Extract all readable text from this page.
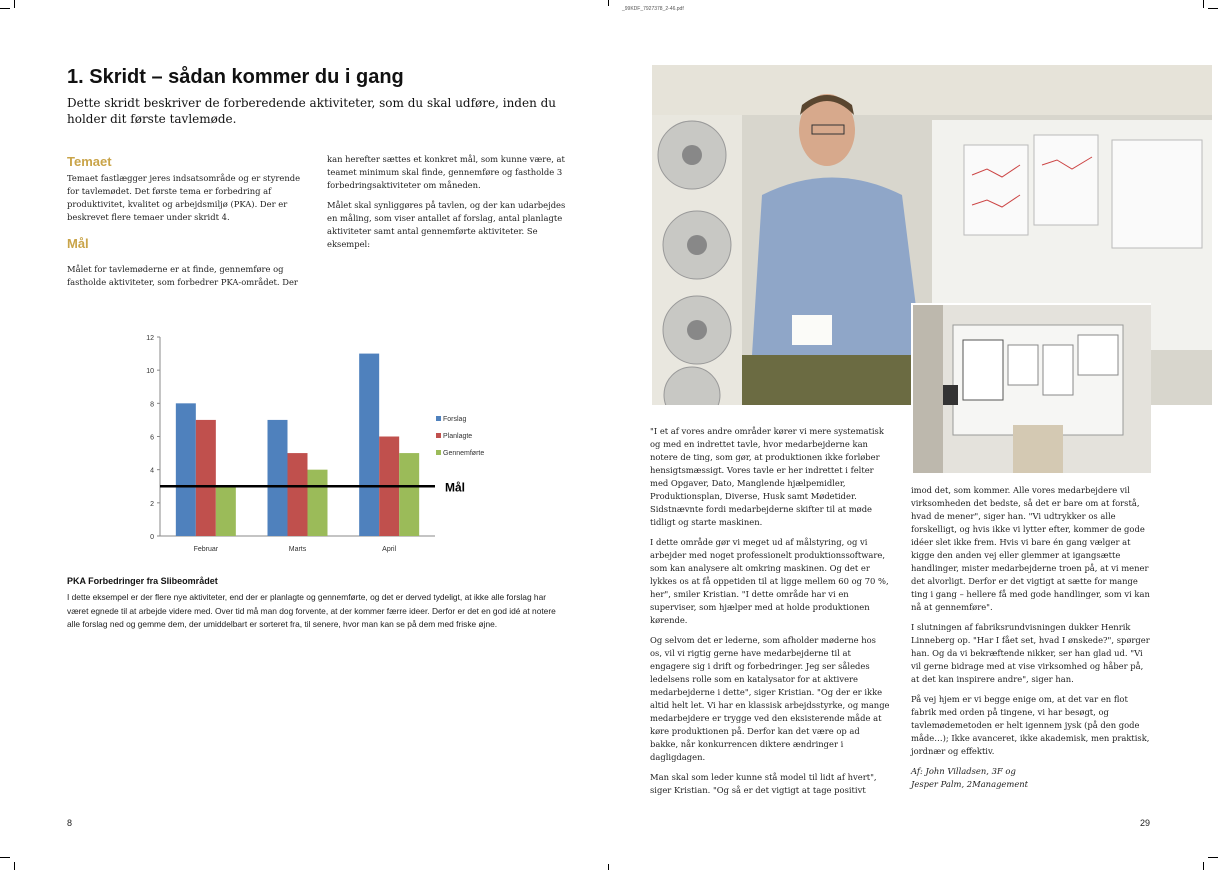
_99KDF_7927378_2-46.pdf
1. Skridt – sådan kommer du i gang
Dette skridt beskriver de forberedende aktiviteter, som du skal udføre, inden du holder dit første tavlemøde.
Temaet
Temaet fastlægger jeres indsatsområde og er styrende for tavlemødet. Det første tema er forbedring af produktivitet, kvalitet og arbejdsmiljø (PKA). Der er beskrevet flere temaer under skridt 4.
Mål
Målet for tavlemøderne er at finde, gennemføre og fastholde aktiviteter, som forbedrer PKA-området. Der

kan herefter sættes et konkret mål, som kunne være, at teamet minimum skal finde, gennemføre og fastholde 3 forbedringsaktiviteter om måneden.

Målet skal synliggøres på tavlen, og der kan udarbejdes en måling, som viser antallet af forslag, antal planlagte aktiviteter samt antal gennemførte aktiviteter. Se eksempel:

0
2
4
6
8
10
12
Februar	Marts	April
Mål
Forslag
Planlagte
Gennemførte
PKA Forbedringer fra Slibeområdet
I dette eksempel er der flere nye aktiviteter, end der er planlagte og gennemførte, og det er derved tydeligt, at ikke alle forslag har været egnede til at arbejde videre med. Over tid må man dog forvente, at der kommer færre ideer. Derfor er det en god idé at notere alle forslag ned og gemme dem, der umiddelbart er sorteret fra, til senere, hvor man kan se på dem med friske øjne.
8

"I et af vores andre områder kører vi mere systematisk og med en indrettet tavle, hvor medarbejderne kan notere de ting, som gør, at produktionen ikke forløber hensigtsmæssigt. Vores tavle er her indrettet i felter med Opgaver, Dato, Manglende hjælpemidler, Produktionsplan, Diverse, Husk samt Mødetider. Sidstnævnte fordi medarbejderne skifter til at møde tidligt og starte maskinen.

I dette område gør vi meget ud af målstyring, og vi arbejder med noget professionelt produktionssoftware, som kan analysere alt omkring maskinen. Og det er lykkes os at få oppetiden til at ligge mellem 60 og 70 %, her", smiler Kristian. "I dette område har vi en superviser, som hjælper med at holde produktionen kørende.

Og selvom det er lederne, som afholder møderne hos os, vil vi rigtig gerne have medarbejderne til at engagere sig i drift og forbedringer. Jeg ser således ledelsens rolle som en katalysator for at aktivere medarbejderne i dette", siger Kristian. "Og der er ikke altid helt let. Vi har en klassisk arbejdsstyrke, og mange medarbejdere er trygge ved den eksisterende måde at køre produktionen på. Derfor kan det være op ad bakke, når konkurrencen diktere ændringer i dagligdagen.

Man skal som leder kunne stå model til lidt af hvert", siger Kristian. "Og så er det vigtigt at tage positivt

imod det, som kommer. Alle vores medarbejdere vil virksomheden det bedste, så det er bare om at forstå, hvad de mener", siger han. "Vi udtrykker os alle forskelligt, og hvis ikke vi lytter efter, kommer de gode idéer slet ikke frem. Hvis vi bare én gang vælger at kigge den anden vej eller glemmer at igangsætte handlinger, mister medarbejderne troen på, at vi mener det alvorligt. Derfor er det vigtigt at sætte for mange ting i gang – hellere få med gode handlinger, som vi kan nå at gennemføre".

I slutningen af fabriksrundvisningen dukker Henrik Linneberg op. "Har I fået set, hvad I ønskede?", spørger han. Og da vi bekræftende nikker, ser han glad ud. "Vi vil gerne bidrage med at vise virksomhed og håber på, at det kan inspirere andre", siger han.

På vej hjem er vi begge enige om, at det var en flot fabrik med orden på tingene, vi har besøgt, og tavlemødemetoden er helt igennem jysk (på den gode måde…); Ikke avanceret, ikke akademisk, men praktisk, jordnær og effektiv.

Af: John Villadsen, 3F og
Jesper Palm, 2Management
29
